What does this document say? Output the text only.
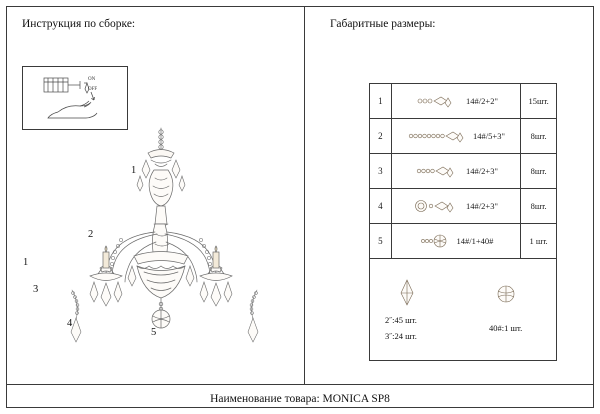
Инструкция по сборке:	Габаритные размеры:
ON
OFF
1
2
1
3
4
5
1	14#/2+2"	15шт.
2	14#/5+3"	8шт.
3	14#/2+3"	8шт.
4	14#/2+3"	8шт.
5	14#/1+40#	1 шт.
2˝:45 шт.
3˝:24 шт.
40#:1 шт.
Наименование товара: MONICA SP8
